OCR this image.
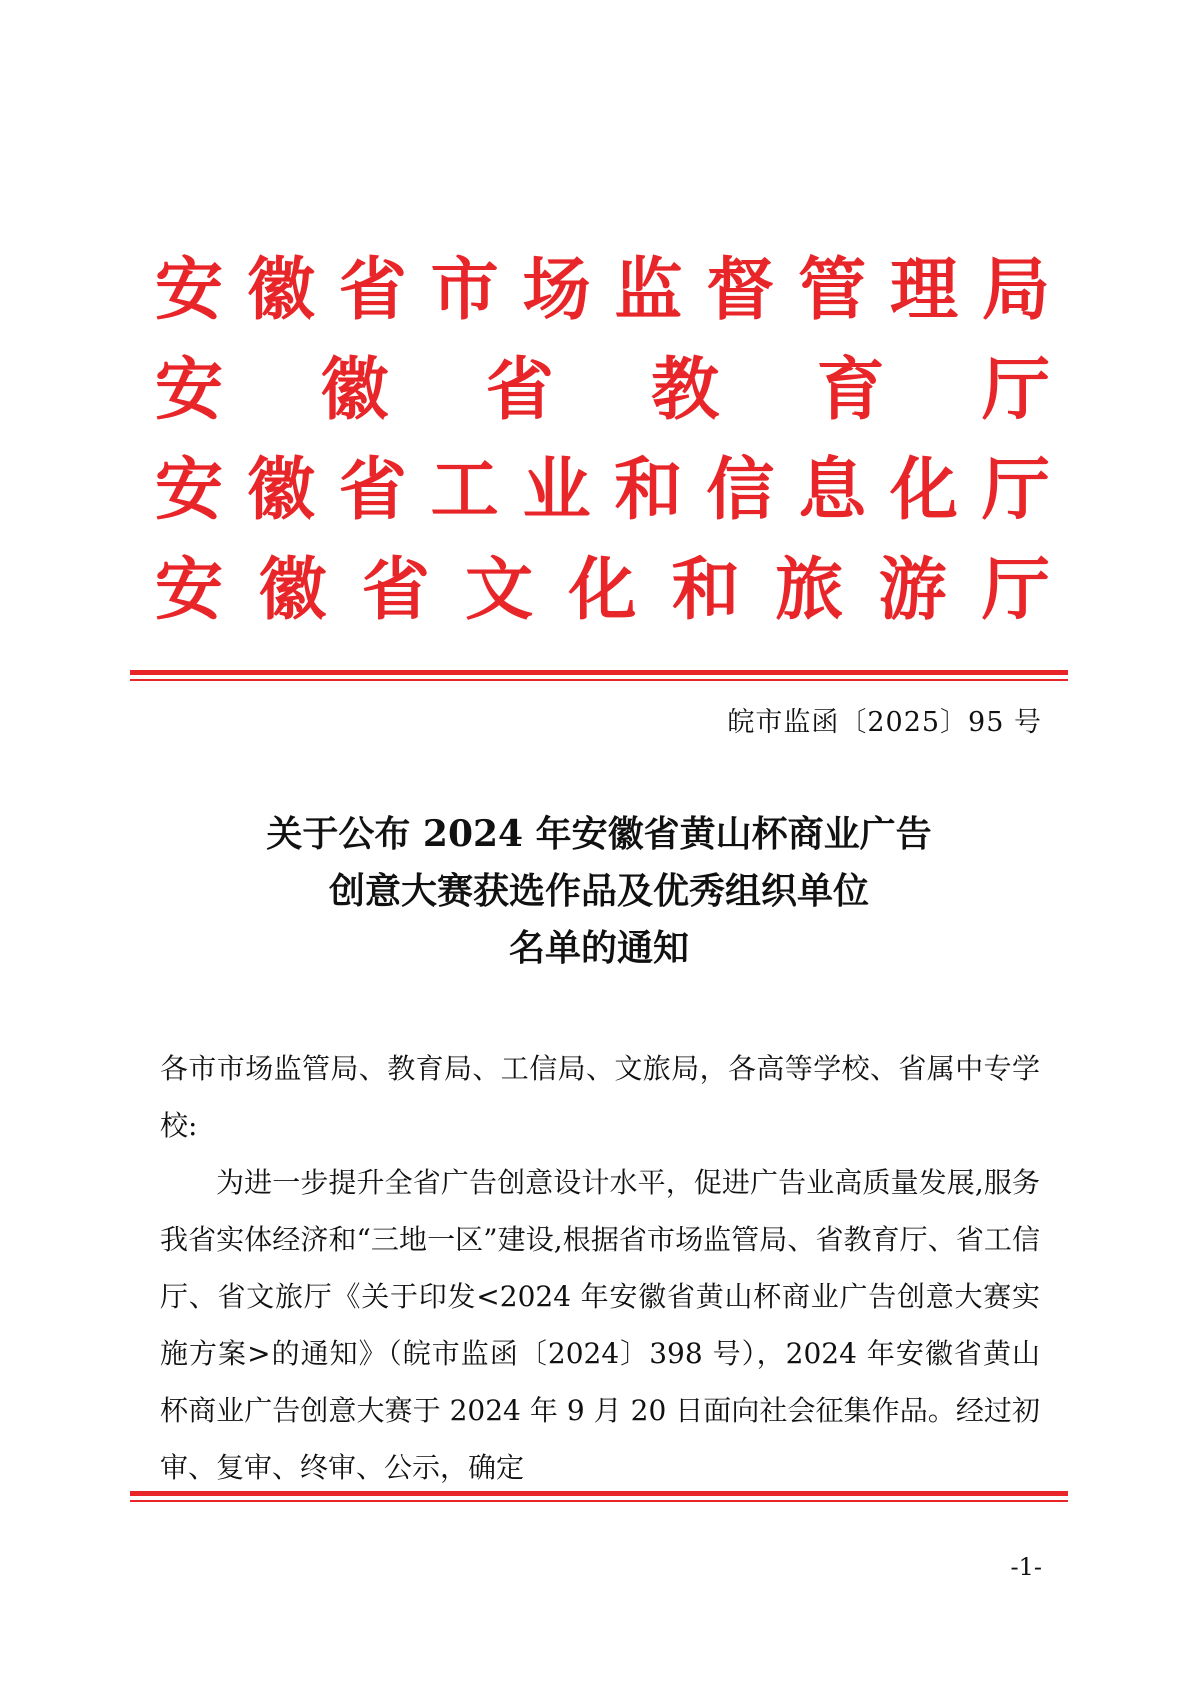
安 徽 省 市 场 监 督 管 理 局
安 徽 省 教 育 厅
安 徽 省 工 业 和 信 息 化 厅
安 徽 省 文 化 和 旅 游 厅
皖市监函〔2025〕95 号
关于公布 2024 年安徽省黄山杯商业广告
创意大赛获选作品及优秀组织单位
名单的通知

各市市场监管局、教育局、工信局、文旅局，各高等学校、省属中专学校:

为进一步提升全省广告创意设计水平，促进广告业高质量发展,服务我省实体经济和“三地一区”建设,根据省市场监管局、省教育厅、省工信厅、省文旅厅《关于印发<2024 年安徽省黄山杯商业广告创意大赛实施方案>的通知》（皖市监函〔2024〕398 号），2024 年安徽省黄山杯商业广告创意大赛于 2024 年 9 月 20 日面向社会征集作品。经过初审、复审、终审、公示，确定

-1-
